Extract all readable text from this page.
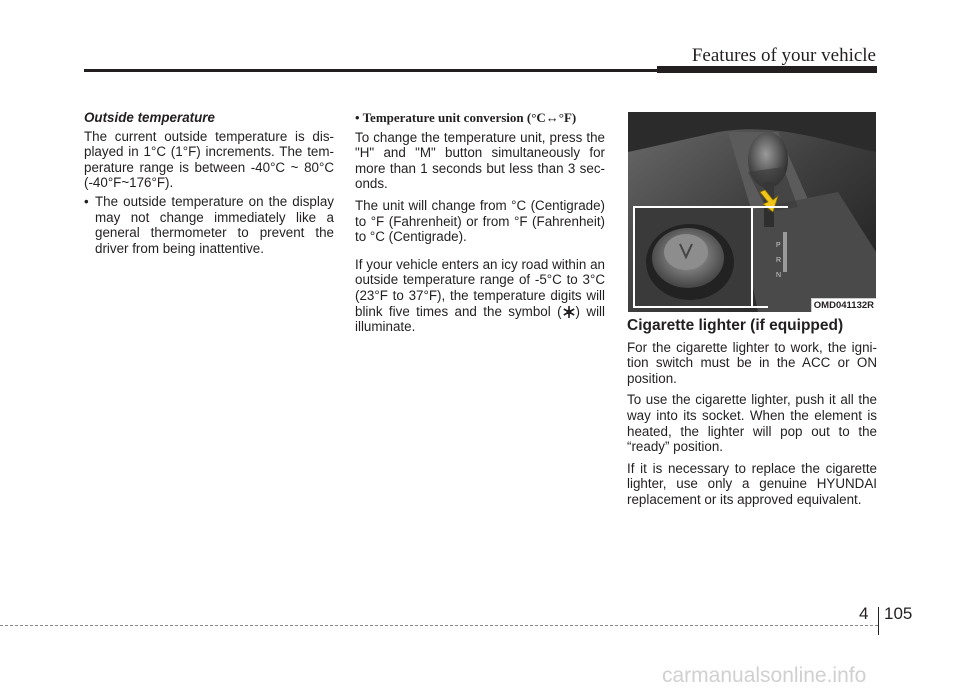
Features of your vehicle
Outside temperature

The current outside temperature is displayed in 1°C (1°F) increments. The temperature range is between -40°C ~ 80°C (-40°F~176°F).

• The outside temperature on the display may not change immediately like a general thermometer to prevent the driver from being inattentive.
• Temperature unit conversion (°C↔°F)

To change the temperature unit, press the "H" and "M" button simultaneously for more than 1 seconds but less than 3 seconds.

The unit will change from °C (Centigrade) to °F (Fahrenheit) or from °F (Fahrenheit) to °C (Centigrade).

If your vehicle enters an icy road within an outside temperature range of -5°C to 3°C (23°F to 37°F), the temperature digits will blink five times and the symbol ( ) will illuminate.

P
R
N
OMD041132R
Cigarette lighter (if equipped)

For the cigarette lighter to work, the ignition switch must be in the ACC or ON position.

To use the cigarette lighter, push it all the way into its socket. When the element is heated, the lighter will pop out to the “ready” position.

If it is necessary to replace the cigarette lighter, use only a genuine HYUNDAI replacement or its approved equivalent.

4 105
carmanualsonline.info
